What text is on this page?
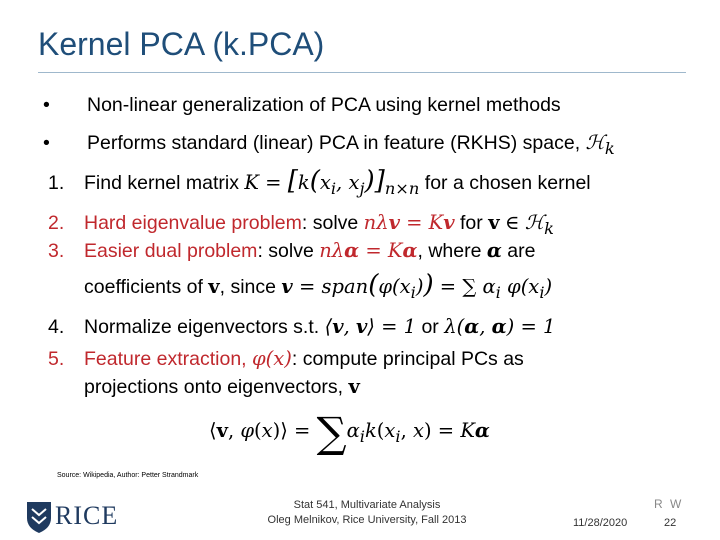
Kernel PCA (k.PCA)
• Non-linear generalization of PCA using kernel methods
• Performs standard (linear) PCA in feature (RKHS) space, ℋ$_k$
1. Find kernel matrix $K = [k(x_i$, $x_j)]_{n\times n}$ for a chosen kernel
2. Hard eigenvalue problem: solve nλv = Kv for v ∈ ℋ$_k$
3. Easier dual problem: solve nλα = Kα, where α are
coefficients of v, since $v = span(\varphi(x_i))$ = ∑ $\alpha_i$ $\varphi(x_i)$
4. Normalize eigenvectors s.t. ⟨v, v⟩ = 1 or λ(α, α) = 1
5. Feature extraction, φ(x): compute principal PCs as
projections onto eigenvectors, v
⟨v, φ(x)⟩ = $\sum\alpha_ik(x_i$, x) = Kα
Source: Wikipedia, Author: Petter Strandmark
RICE	Stat 541, Multivariate Analysis
Oleg Melnikov, Rice University, Fall 2013
R W
11/28/2020	22
